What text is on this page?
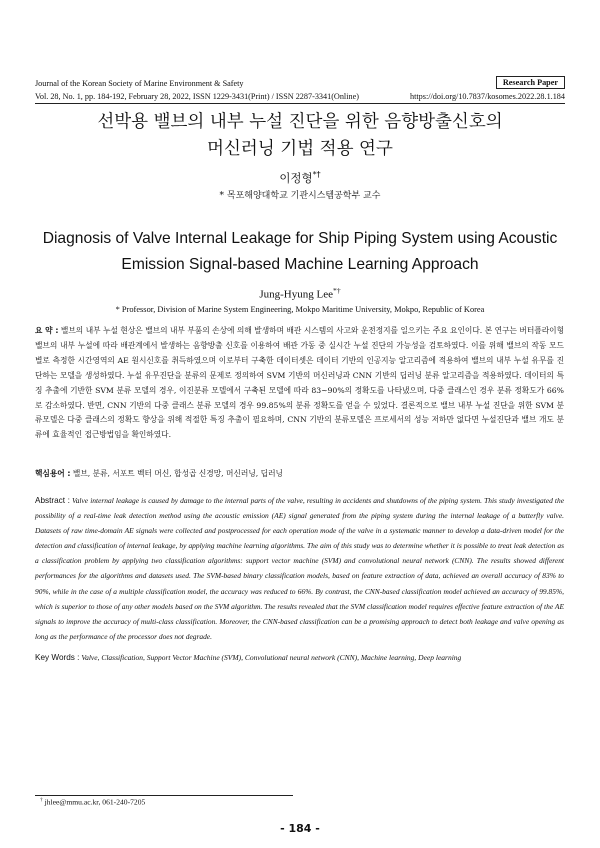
Journal of the Korean Society of Marine Environment & Safety	Research Paper
Vol. 28, No. 1, pp. 184-192, February 28, 2022, ISSN 1229-3431(Print) / ISSN 2287-3341(Online)	https://doi.org/10.7837/kosomes.2022.28.1.184
선박용 밸브의 내부 누설 진단을 위한 음향방출신호의
머신러닝 기법 적용 연구
이정형*†
* 목포해양대학교 기관시스템공학부 교수
Diagnosis of Valve Internal Leakage for Ship Piping System using Acoustic
Emission Signal-based Machine Learning Approach
Jung-Hyung Lee*†
* Professor, Division of Marine System Engineering, Mokpo Maritime University, Mokpo, Republic of Korea
요 약 : 밸브의 내부 누설 현상은 밸브의 내부 부품의 손상에 의해 발생하며 배관 시스템의 사고와 운전정지를 일으키는 주요 요인이다. 본 연구는 버터플라이형 밸브의 내부 누설에 따라 배관계에서 발생하는 음향방출 신호를 이용하여 배관 가동 중 실시간 누설 진단의 가능성을 검토하였다. 이를 위해 밸브의 작동 모드별로 측정한 시간영역의 AE 원시신호를 취득하였으며 이로부터 구축한 데이터셋은 데이터 기반의 인공지능 알고리즘에 적용하여 밸브의 내부 누설 유무를 진단하는 모델을 생성하였다. 누설 유무진단을 분류의 문제로 정의하여 SVM 기반의 머신러닝과 CNN 기반의 딥러닝 분류 알고리즘을 적용하였다. 데이터의 특징 추출에 기반한 SVM 분류 모델의 경우, 이진분류 모델에서 구축된 모델에 따라 83~90%의 정확도를 나타냈으며, 다중 클래스인 경우 분류 정확도가 66%로 감소하였다. 반면, CNN 기반의 다중 클래스 분류 모델의 경우 99.85%의 분류 정확도를 얻을 수 있었다. 결론적으로 밸브 내부 누설 진단을 위한 SVM 분류모델은 다중 클래스의 정확도 향상을 위해 적절한 특징 추출이 필요하며, CNN 기반의 분류모델은 프로세서의 성능 저하만 없다면 누설진단과 밸브 개도 분류에 효율적인 접근방법임을 확인하였다.
핵심용어 : 밸브, 분류, 서포트 벡터 머신, 합성곱 신경망, 머신러닝, 딥러닝
Abstract : Valve internal leakage is caused by damage to the internal parts of the valve, resulting in accidents and shutdowns of the piping system. This study investigated the possibility of a real-time leak detection method using the acoustic emission (AE) signal generated from the piping system during the internal leakage of a butterfly valve. Datasets of raw time-domain AE signals were collected and postprocessed for each operation mode of the valve in a systematic manner to develop a data-driven model for the detection and classification of internal leakage, by applying machine learning algorithms. The aim of this study was to determine whether it is possible to treat leak detection as a classification problem by applying two classification algorithms: support vector machine (SVM) and convolutional neural network (CNN). The results showed different performances for the algorithms and datasets used. The SVM-based binary classification models, based on feature extraction of data, achieved an overall accuracy of 83% to 90%, while in the case of a multiple classification model, the accuracy was reduced to 66%. By contrast, the CNN-based classification model achieved an accuracy of 99.85%, which is superior to those of any other models based on the SVM algorithm. The results revealed that the SVM classification model requires effective feature extraction of the AE signals to improve the accuracy of multi-class classification. Moreover, the CNN-based classification can be a promising approach to detect both leakage and valve opening as long as the performance of the processor does not degrade.
Key Words : Valve, Classification, Support Vector Machine (SVM), Convolutional neural network (CNN), Machine learning, Deep learning
† jhlee@mmu.ac.kr, 061-240-7205
- 184 -
